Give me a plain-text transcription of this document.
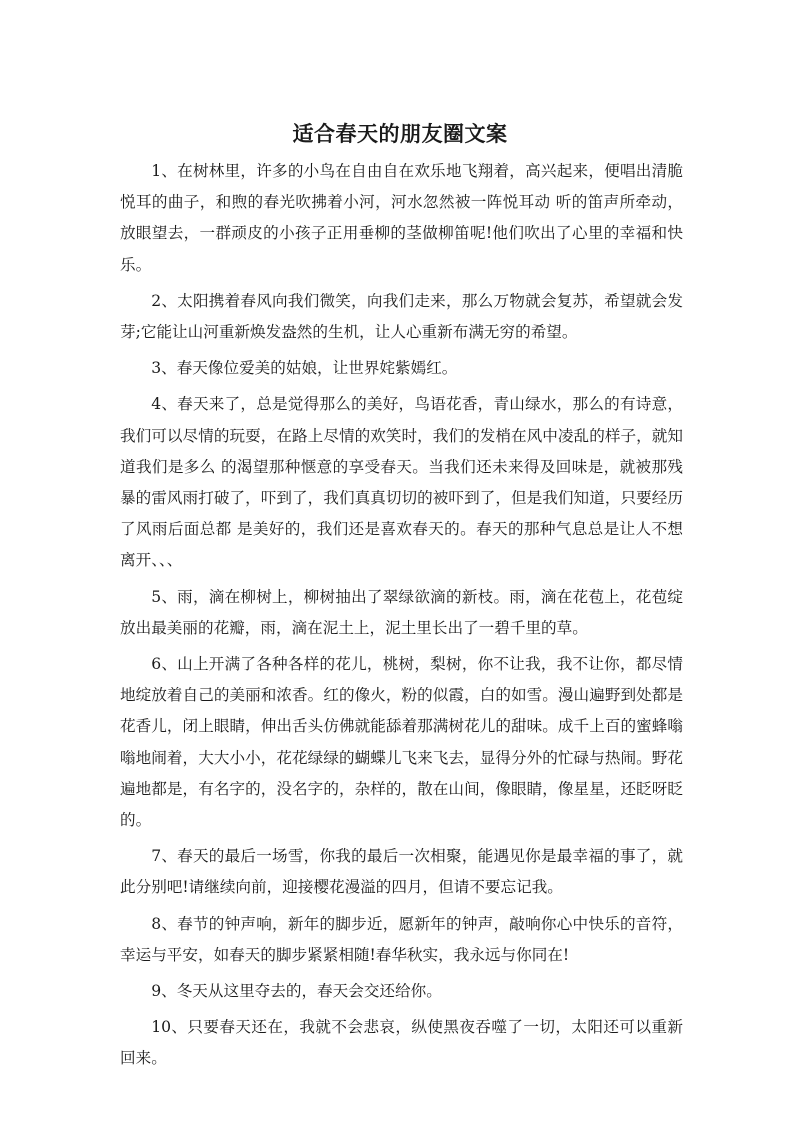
适合春天的朋友圈文案

1、在树林里，许多的小鸟在自由自在欢乐地飞翔着，高兴起来，便唱出清脆悦耳的曲子，和煦的春光吹拂着小河，河水忽然被一阵悦耳动 听的笛声所牵动，放眼望去，一群顽皮的小孩子正用垂柳的茎做柳笛呢!他们吹出了心里的幸福和快乐。

2、太阳携着春风向我们微笑，向我们走来，那么万物就会复苏，希望就会发芽;它能让山河重新焕发盎然的生机，让人心重新布满无穷的希望。

3、春天像位爱美的姑娘，让世界姹紫嫣红。

4、春天来了，总是觉得那么的美好，鸟语花香，青山绿水，那么的有诗意，我们可以尽情的玩耍，在路上尽情的欢笑时，我们的发梢在风中凌乱的样子，就知道我们是多么 的渴望那种惬意的享受春天。当我们还未来得及回味是，就被那残暴的雷风雨打破了，吓到了，我们真真切切的被吓到了，但是我们知道，只要经历了风雨后面总都 是美好的，我们还是喜欢春天的。春天的那种气息总是让人不想离开、、、

5、雨，滴在柳树上，柳树抽出了翠绿欲滴的新枝。雨，滴在花苞上，花苞绽放出最美丽的花瓣，雨，滴在泥土上，泥土里长出了一碧千里的草。

6、山上开满了各种各样的花儿，桃树，梨树，你不让我，我不让你，都尽情地绽放着自己的美丽和浓香。红的像火，粉的似霞，白的如雪。漫山遍野到处都是花香儿，闭上眼睛，伸出舌头仿佛就能舔着那满树花儿的甜味。成千上百的蜜蜂嗡嗡地闹着，大大小小，花花绿绿的蝴蝶儿飞来飞去，显得分外的忙碌与热闹。野花遍地都是，有名字的，没名字的，杂样的，散在山间，像眼睛，像星星，还眨呀眨的。

7、春天的最后一场雪，你我的最后一次相聚，能遇见你是最幸福的事了，就此分别吧!请继续向前，迎接樱花漫溢的四月，但请不要忘记我。

8、春节的钟声响，新年的脚步近，愿新年的钟声，敲响你心中快乐的音符，幸运与平安，如春天的脚步紧紧相随!春华秋实，我永远与你同在!

9、冬天从这里夺去的，春天会交还给你。

10、只要春天还在，我就不会悲哀，纵使黑夜吞噬了一切，太阳还可以重新回来。
